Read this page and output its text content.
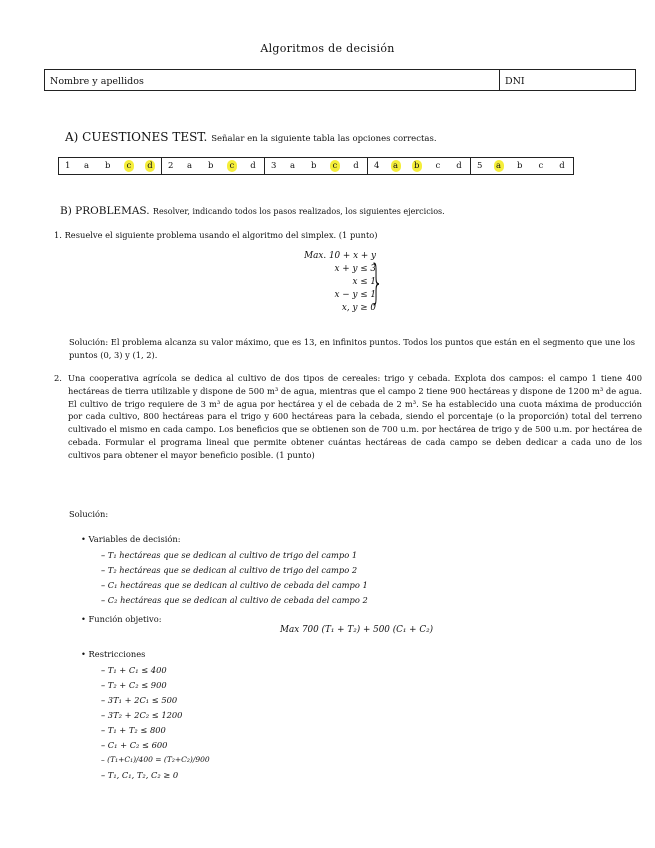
Algoritmos de decisión
Nombre y apellidos	DNI
A) CUESTIONES TEST. Señalar en la siguiente tabla las opciones correctas.
1 a b	c	d 2 a b	c	d 3 a b	c	d 4 a b	c	d 5 a b	c	d
B) PROBLEMAS. Resolver, indicando todos los pasos realizados, los siguientes ejercicios.
1. Resuelve el siguiente problema usando el algoritmo del simplex. (1 punto)
Max. 10 + x + y
x + y ≤ 3
x ≤ 1
x − y ≤ 1
x, y ≥ 0
}
Solución: El problema alcanza su valor máximo, que es 13, en infinitos puntos. Todos los puntos que están en el segmento que une los puntos (0, 3) y (1, 2).
2. Una cooperativa agrícola se dedica al cultivo de dos tipos de cereales: trigo y cebada. Explota dos campos: el campo 1 tiene 400 hectáreas de tierra utilizable y dispone de 500 m³ de agua, mientras que el campo 2 tiene 900 hectáreas y dispone de 1200 m³ de agua. El cultivo de trigo requiere de 3 m³ de agua por hectárea y el de cebada de 2 m³. Se ha establecido una cuota máxima de producción por cada cultivo, 800 hectáreas para el trigo y 600 hectáreas para la cebada, siendo el porcentaje (o la proporción) total del terreno cultivado el mismo en cada campo. Los beneficios que se obtienen son de 700 u.m. por hectárea de trigo y de 500 u.m. por hectárea de cebada. Formular el programa lineal que permite obtener cuántas hectáreas de cada campo se deben dedicar a cada uno de los cultivos para obtener el mayor beneficio posible. (1 punto)
Solución:
• Variables de decisión:
– T₁ hectáreas que se dedican al cultivo de trigo del campo 1
– T₂ hectáreas que se dedican al cultivo de trigo del campo 2
– C₁ hectáreas que se dedican al cultivo de cebada del campo 1
– C₂ hectáreas que se dedican al cultivo de cebada del campo 2
• Función objetivo:
Max 700 (T₁ + T₂) + 500 (C₁ + C₂)
• Restricciones
– T₁ + C₁ ≤ 400
– T₂ + C₂ ≤ 900
– 3T₁ + 2C₁ ≤ 500
– 3T₂ + 2C₂ ≤ 1200
– T₁ + T₂ ≤ 800
– C₁ + C₂ ≤ 600
– (T₁+C₁)/400 = (T₂+C₂)/900
– T₁, C₁, T₂, C₂ ≥ 0
